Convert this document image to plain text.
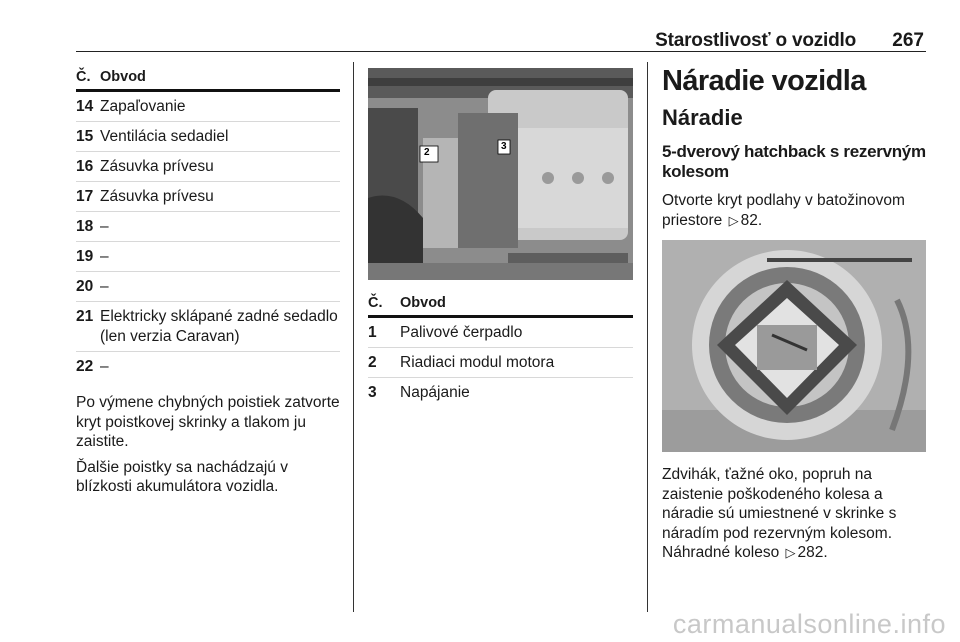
Starostlivosť o vozidlo 267
Č. Obvod
14 Zapaľovanie
15 Ventilácia sedadiel
16 Zásuvka prívesu
17 Zásuvka prívesu
18 –
19 –
20 –
21 Elektricky sklápané zadné sedadlo (len verzia Caravan)
22 –

Po výmene chybných poistiek zatvorte kryt poistkovej skrinky a tlakom ju zaistite.

Ďalšie poistky sa nachádzajú v blízkosti akumulátora vozidla.

2
3
Č.	Obvod
1	Palivové čerpadlo
2	Riadiaci modul motora
3	Napájanie
Náradie vozidla
Náradie
5-dverový hatchback s rezervným kolesom

Otvorte kryt podlahy v batožinovom priestore ▷ 82.

Zdvihák, ťažné oko, popruh na zaistenie poškodeného kolesa a náradie sú umiestnené v skrinke s náradím pod rezervným kolesom. Náhradné koleso ▷ 282.

carmanualsonline.info
